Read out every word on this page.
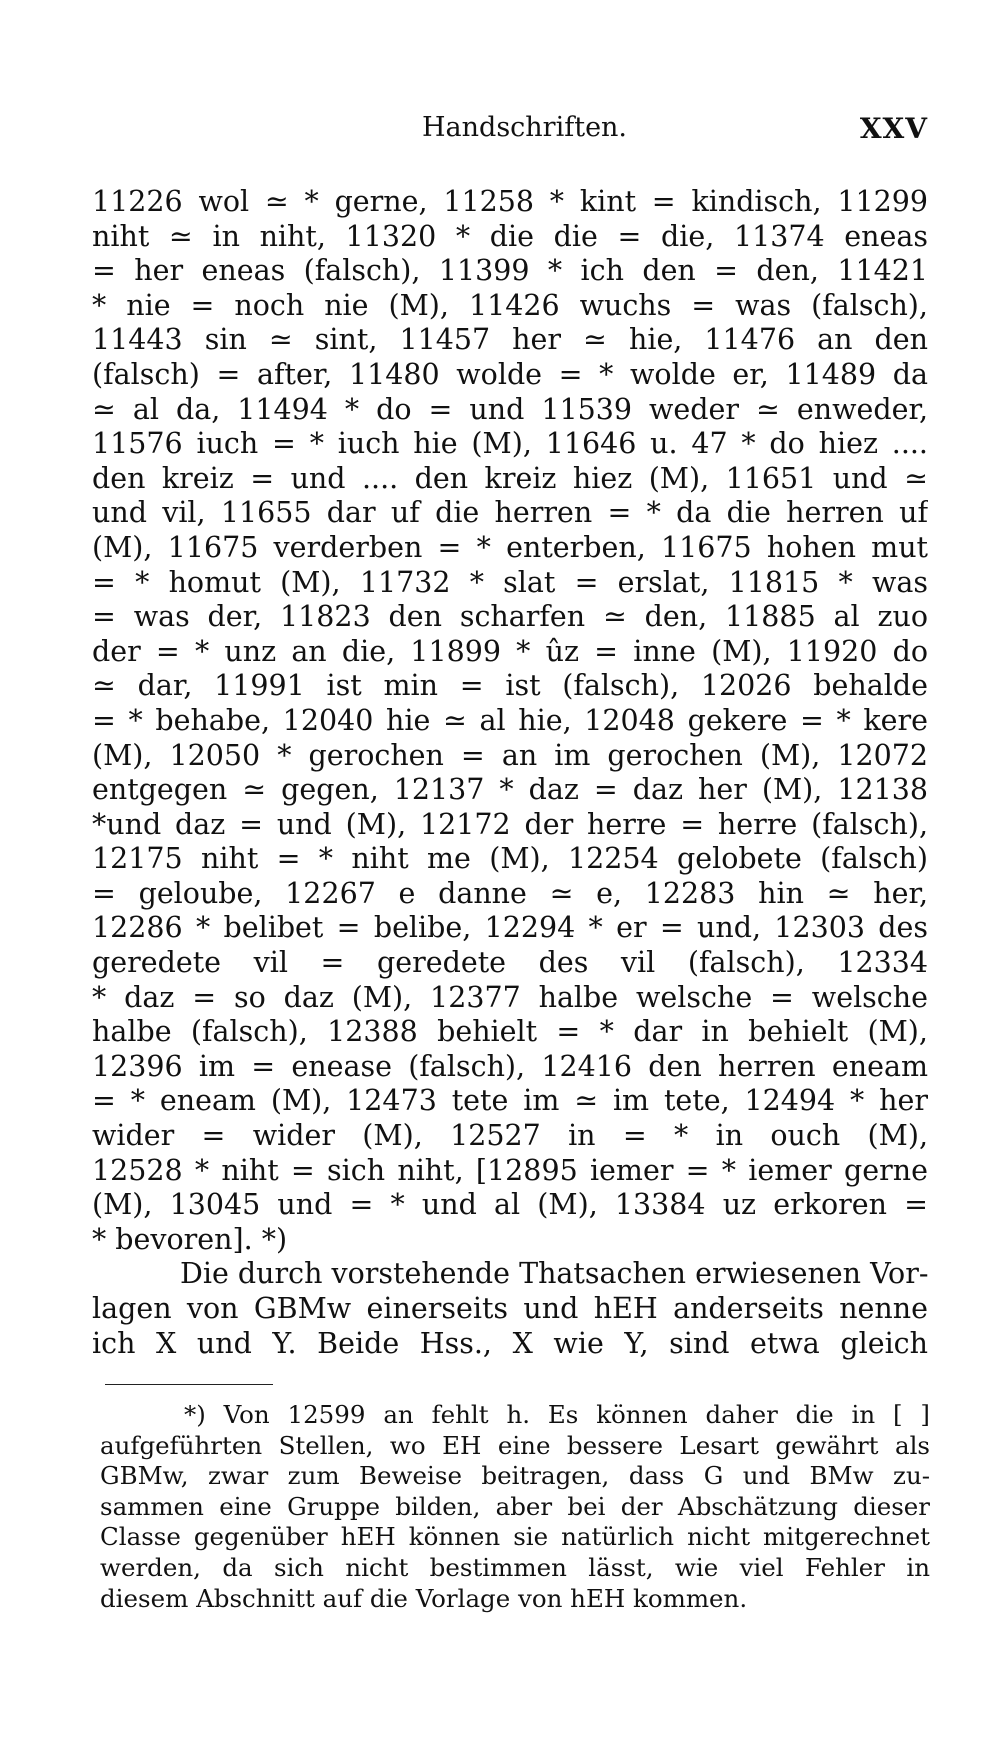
Handschriften.	XXV
11226 wol ≃ * gerne, 11258 * kint = kindisch, 11299
niht ≃ in niht, 11320 * die die = die, 11374 eneas
= her eneas (falsch), 11399 * ich den = den, 11421
* nie = noch nie (M), 11426 wuchs = was (falsch),
11443 sin ≃ sint, 11457 her ≃ hie, 11476 an den
(falsch) = after, 11480 wolde = * wolde er, 11489 da
≃ al da, 11494 * do = und 11539 weder ≃ enweder,
11576 iuch = * iuch hie (M), 11646 u. 47 * do hiez ....
den kreiz = und .... den kreiz hiez (M), 11651 und ≃
und vil, 11655 dar uf die herren = * da die herren uf
(M), 11675 verderben = * enterben, 11675 hohen mut
= * homut (M), 11732 * slat = erslat, 11815 * was
= was der, 11823 den scharfen ≃ den, 11885 al zuo
der = * unz an die, 11899 * ûz = inne (M), 11920 do
≃ dar, 11991 ist min = ist (falsch), 12026 behalde
= * behabe, 12040 hie ≃ al hie, 12048 gekere = * kere
(M), 12050 * gerochen = an im gerochen (M), 12072
entgegen ≃ gegen, 12137 * daz = daz her (M), 12138
*und daz = und (M), 12172 der herre = herre (falsch),
12175 niht = * niht me (M), 12254 gelobete (falsch)
= geloube, 12267 e danne ≃ e, 12283 hin ≃ her,
12286 * belibet = belibe, 12294 * er = und, 12303 des
geredete vil = geredete des vil (falsch), 12334
* daz = so daz (M), 12377 halbe welsche = welsche
halbe (falsch), 12388 behielt = * dar in behielt (M),
12396 im = enease (falsch), 12416 den herren eneam
= * eneam (M), 12473 tete im ≃ im tete, 12494 * her
wider = wider (M), 12527 in = * in ouch (M),
12528 * niht = sich niht, [12895 iemer = * iemer gerne
(M), 13045 und = * und al (M), 13384 uz erkoren =
* bevoren]. *)
Die durch vorstehende Thatsachen erwiesenen Vor-
lagen von GBMw einerseits und hEH anderseits nenne
ich X und Y. Beide Hss., X wie Y, sind etwa gleich
*) Von 12599 an fehlt h. Es können daher die in [ ]
aufgeführten Stellen, wo EH eine bessere Lesart gewährt als
GBMw, zwar zum Beweise beitragen, dass G und BMw zu-
sammen eine Gruppe bilden, aber bei der Abschätzung dieser
Classe gegenüber hEH können sie natürlich nicht mitgerechnet
werden, da sich nicht bestimmen lässt, wie viel Fehler in
diesem Abschnitt auf die Vorlage von hEH kommen.
